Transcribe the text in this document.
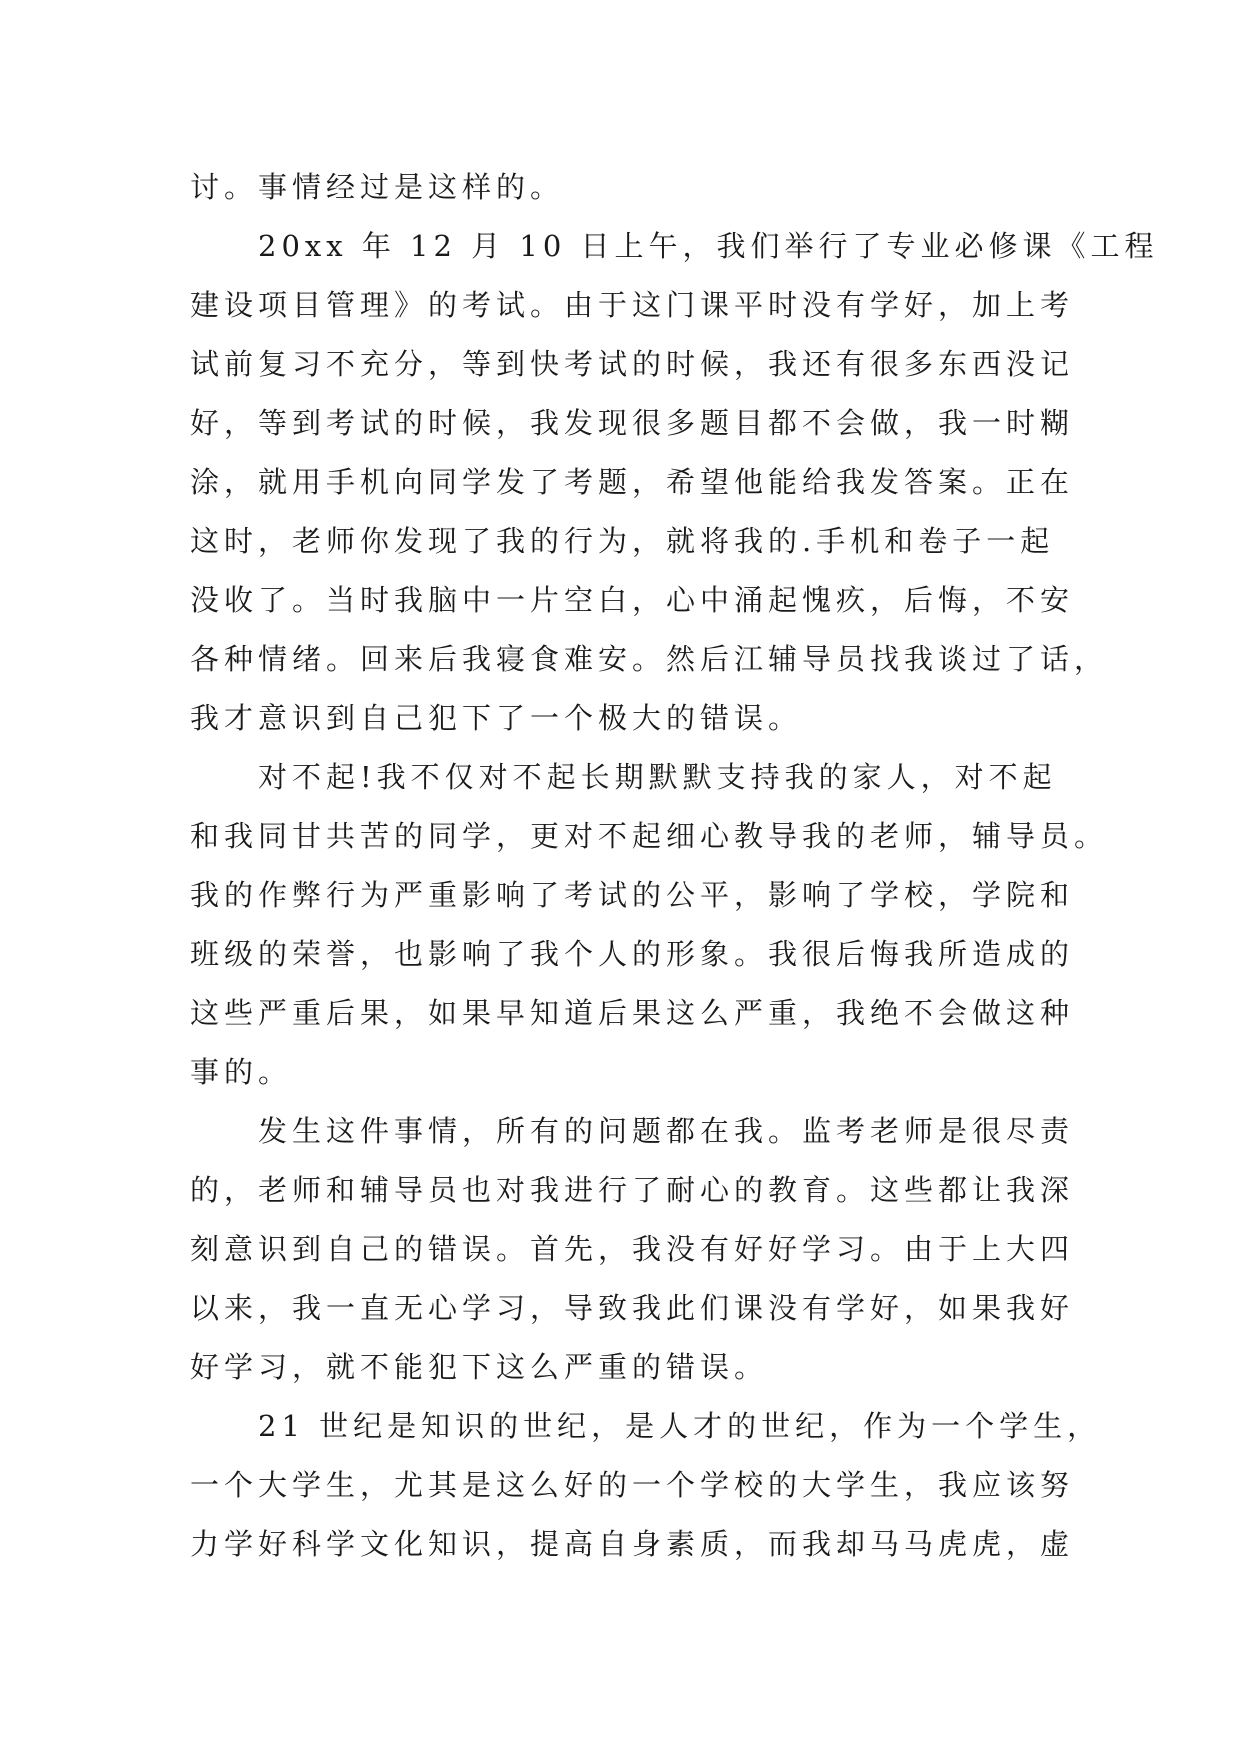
讨。事情经过是这样的。
20xx 年 12 月 10 日上午，我们举行了专业必修课《工程
建设项目管理》的考试。由于这门课平时没有学好，加上考
试前复习不充分，等到快考试的时候，我还有很多东西没记
好，等到考试的时候，我发现很多题目都不会做，我一时糊
涂，就用手机向同学发了考题，希望他能给我发答案。正在
这时，老师你发现了我的行为，就将我的.手机和卷子一起
没收了。当时我脑中一片空白，心中涌起愧疚，后悔，不安
各种情绪。回来后我寝食难安。然后江辅导员找我谈过了话，
我才意识到自己犯下了一个极大的错误。
对不起!我不仅对不起长期默默支持我的家人，对不起
和我同甘共苦的同学，更对不起细心教导我的老师，辅导员。
我的作弊行为严重影响了考试的公平，影响了学校，学院和
班级的荣誉，也影响了我个人的形象。我很后悔我所造成的
这些严重后果，如果早知道后果这么严重，我绝不会做这种
事的。
发生这件事情，所有的问题都在我。监考老师是很尽责
的，老师和辅导员也对我进行了耐心的教育。这些都让我深
刻意识到自己的错误。首先，我没有好好学习。由于上大四
以来，我一直无心学习，导致我此们课没有学好，如果我好
好学习，就不能犯下这么严重的错误。
21 世纪是知识的世纪，是人才的世纪，作为一个学生，
一个大学生，尤其是这么好的一个学校的大学生，我应该努
力学好科学文化知识，提高自身素质，而我却马马虎虎，虚
